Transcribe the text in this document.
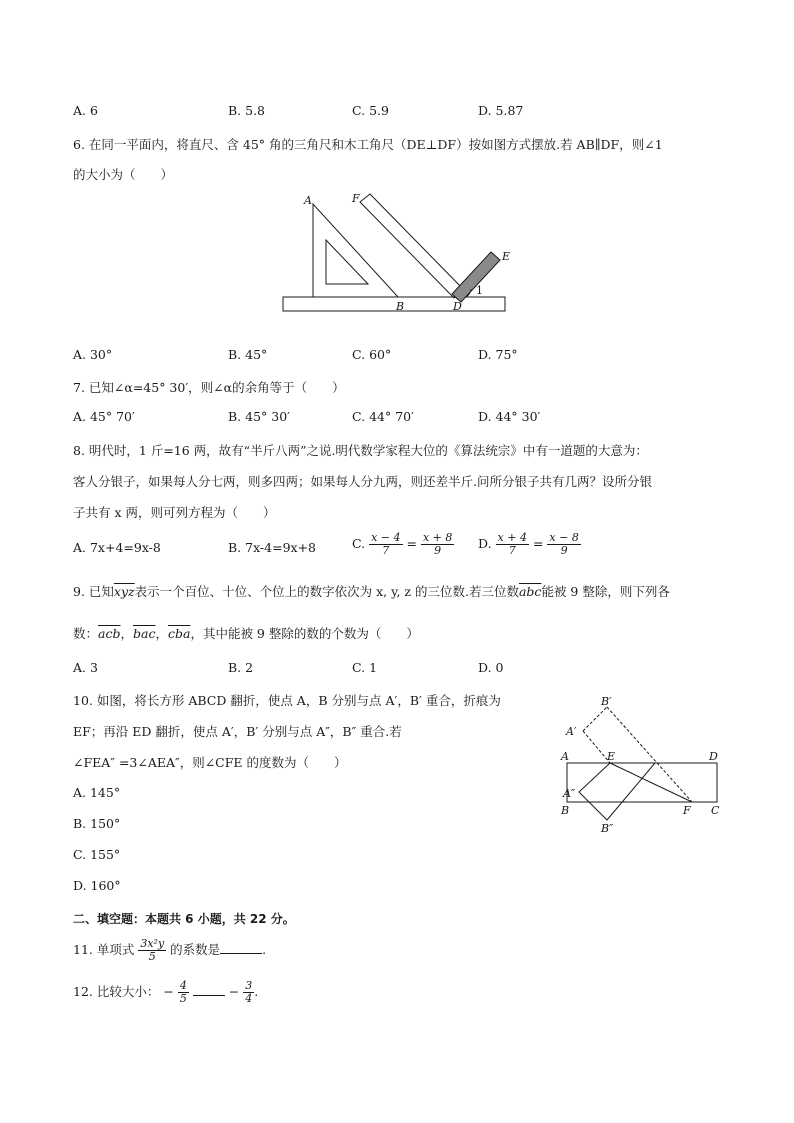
A. 6	B. 5.8	C. 5.9	D. 5.87
6. 在同一平面内，将直尺、含 45° 角的三角尺和木工角尺（DE⊥DF）按如图方式摆放.若 AB∥DF，则∠1
的大小为（　　）
A	F
E
B	D
1
A. 30°	B. 45°	C. 60°	D. 75°
7. 已知∠α=45° 30′，则∠α的余角等于（　　）
A. 45° 70′	B. 45° 30′	C. 44° 70′	D. 44° 30′
8. 明代时，1 斤=16 两，故有“半斤八两”之说.明代数学家程大位的《算法统宗》中有一道题的大意为：
客人分银子，如果每人分七两，则多四两；如果每人分九两，则还差半斤.问所分银子共有几两？设所分银
子共有 x 两，则可列方程为（　　）
A. 7x+4=9x-8	B. 7x-4=9x+8	C. $\frac{x - 4}{7} = \frac{x + 8}{9} D$. $\frac{x + 4}{7} = \frac{x - 8}{9}$
9. 已知$\overline{xyz}$表示一个百位、十位、个位上的数字依次为 x, y, z 的三位数.若三位数$\overline{abc}$能被 9 整除，则下列各
数：$\overline{acb}$，$\overline{bac}$，$\overline{cba}$，其中能被 9 整除的数的个数为（　　）
A. 3	B. 2	C. 1	D. 0
10. 如图，将长方形 ABCD 翻折，使点 A，B 分别与点 A′，B′ 重合，折痕为
EF；再沿 ED 翻折，使点 A′，B′ 分别与点 A″，B″ 重合.若
∠FEA″ =3∠AEA″，则∠CFE 的度数为（　　）
A. 145°
B. 150°
C. 155°
D. 160°
B′
A′
A	E	D
A″
B	F C
B″
二、填空题：本题共 6 小题，共 22 分。
11. 单项式 $\frac{\text{3x²y}}{5}$ 的系数是	.
12. 比较大小： − $\frac{4}{5}$	− $\frac{3}{4}$ .
